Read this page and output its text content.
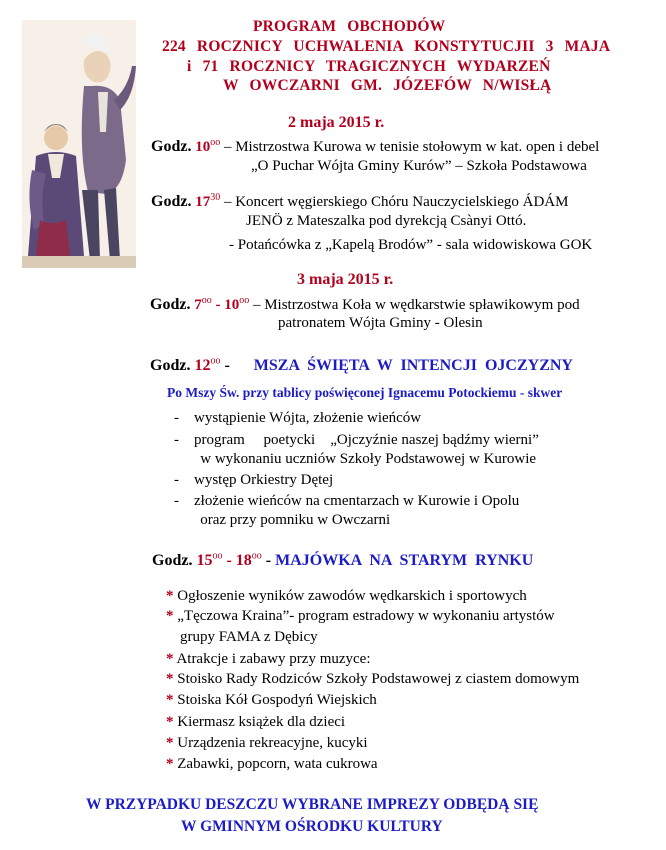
PROGRAM OBCHODÓW
224 ROCZNICY UCHWALENIA KONSTYTUCJII 3 MAJA
i 71 ROCZNICY TRAGICZNYCH WYDARZEŃ
W OWCZARNI GM. JÓZEFÓW N/WISŁĄ
2 maja 2015 r.
Godz. $10^{oo}$ – Mistrzostwa Kurowa w tenisie stołowym w kat. open i debel
„O Puchar Wójta Gminy Kurów” – Szkoła Podstawowa
Godz. $17^{30}$ – Koncert węgierskiego Chóru Nauczycielskiego ÁDÁM
JENÖ z Mateszalka pod dyrekcją Csànyi Ottó.
- Potańcówka z „Kapelą Brodów” - sala widowiskowa GOK
3 maja 2015 r.
Godz. $7^{oo} - 10^{oo}$ – Mistrzostwa Koła w wędkarstwie spławikowym pod
patronatem Wójta Gminy - Olesin
Godz. $12^{oo}$ - MSZA ŚWIĘTA W INTENCJI OJCZYZNY
Po Mszy Św. przy tablicy poświęconej Ignacemu Potockiemu - skwer
-    wystąpienie Wójta, złożenie wieńców
-    program     poetycki    „Ojczyźnie naszej bądźmy wierni”
w wykonaniu uczniów Szkoły Podstawowej w Kurowie
-    występ Orkiestry Dętej
-    złożenie wieńców na cmentarzach w Kurowie i Opolu
oraz przy pomniku w Owczarni
Godz. $15^{oo} - 18^{oo}$ - MAJÓWKA NA STARYM RYNKU
* Ogłoszenie wyników zawodów wędkarskich i sportowych
* „Tęczowa Kraina”- program estradowy w wykonaniu artystów
grupy FAMA z Dębicy
* Atrakcje i zabawy przy muzyce:
* Stoisko Rady Rodziców Szkoły Podstawowej z ciastem domowym
* Stoiska Kół Gospodyń Wiejskich
* Kiermasz książek dla dzieci
* Urządzenia rekreacyjne, kucyki
* Zabawki, popcorn, wata cukrowa
W PRZYPADKU DESZCZU WYBRANE IMPREZY ODBĘDĄ SIĘ
W GMINNYM OŚRODKU KULTURY
